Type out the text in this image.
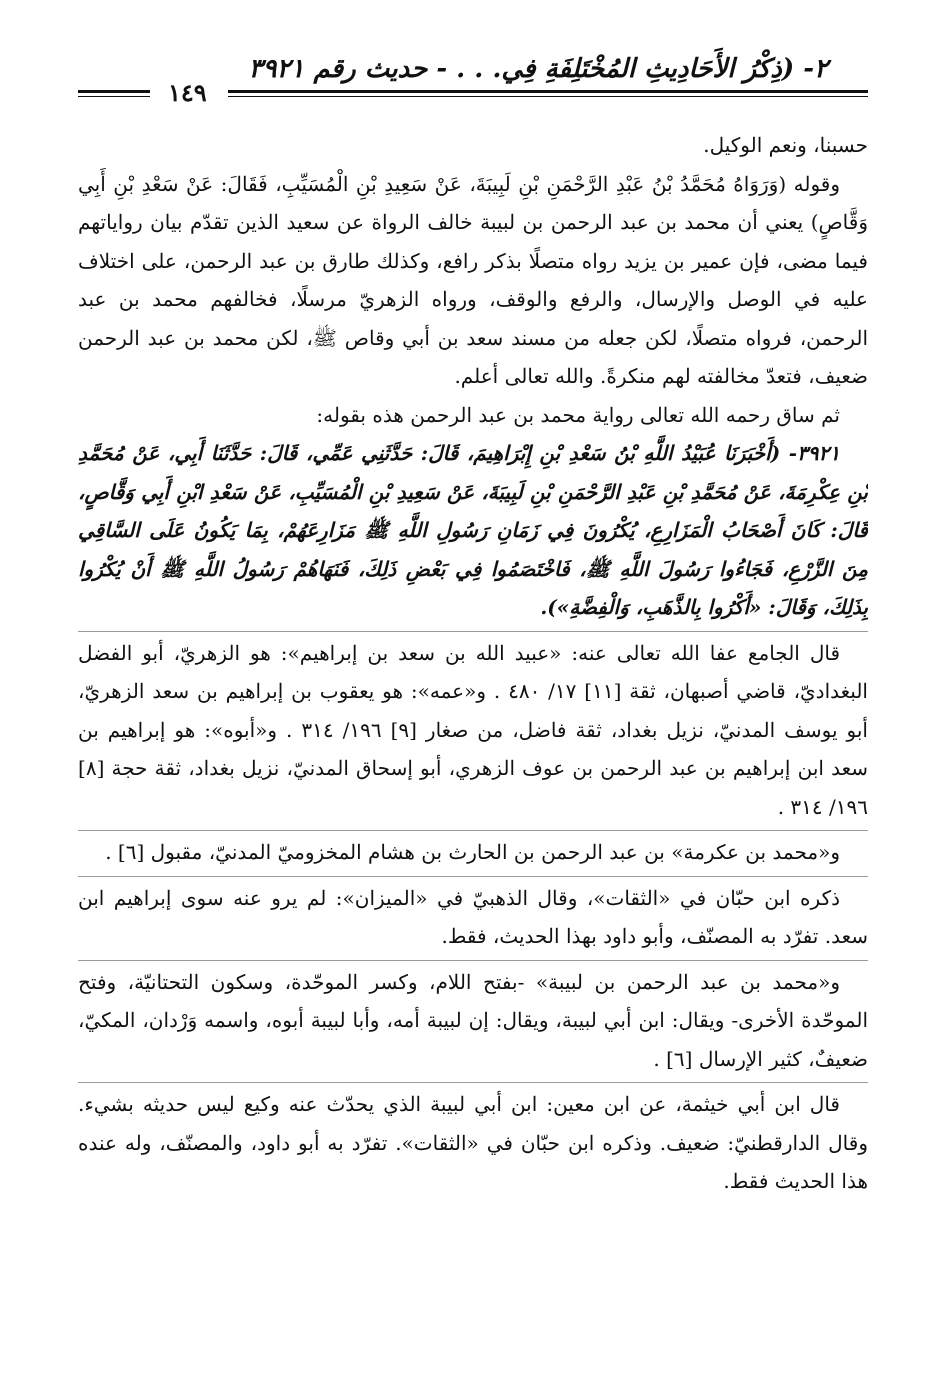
٢- (ذِكْرُ الأَحَادِيثِ المُخْتَلِفَةِ فِي. . . - حديث رقم ٣٩٢١
١٤٩

حسبنا، ونعم الوكيل.

وقوله (وَرَوَاهُ مُحَمَّدُ بْنُ عَبْدِ الرَّحْمَنِ بْنِ لَبِيبَةَ، عَنْ سَعِيدِ بْنِ الْمُسَيِّبِ، فَقَالَ: عَنْ سَعْدِ بْنِ أَبِي وَقَّاصٍ) يعني أن محمد بن عبد الرحمن بن لبيبة خالف الرواة عن سعيد الذين تقدّم بيان رواياتهم فيما مضى، فإن عمير بن يزيد رواه متصلًا بذكر رافع، وكذلك طارق بن عبد الرحمن، على اختلاف عليه في الوصل والإرسال، والرفع والوقف، ورواه الزهريّ مرسلًا، فخالفهم محمد بن عبد الرحمن، فرواه متصلًا، لكن جعله من مسند سعد بن أبي وقاص ﷺ، لكن محمد بن عبد الرحمن ضعيف، فتعدّ مخالفته لهم منكرةً. والله تعالى أعلم.

ثم ساق رحمه الله تعالى رواية محمد بن عبد الرحمن هذه بقوله:

٣٩٢١- (أَخْبَرَنَا عُبَيْدُ اللَّهِ بْنُ سَعْدِ بْنِ إِبْرَاهِيمَ، قَالَ: حَدَّثَنِي عَمِّي، قَالَ: حَدَّثَنَا أَبِي، عَنْ مُحَمَّدِ بْنِ عِكْرِمَةَ، عَنْ مُحَمَّدِ بْنِ عَبْدِ الرَّحْمَنِ بْنِ لَبِيبَةَ، عَنْ سَعِيدِ بْنِ الْمُسَيِّبِ، عَنْ سَعْدِ ابْنِ أَبِي وَقَّاصٍ، قَالَ: كَانَ أَصْحَابُ الْمَزَارِعِ، يُكْرُونَ فِي زَمَانِ رَسُولِ اللَّهِ ﷺ مَزَارِعَهُمْ، بِمَا يَكُونُ عَلَى السَّاقِي مِنَ الزَّرْعِ، فَجَاءُوا رَسُولَ اللَّهِ ﷺ، فَاخْتَصَمُوا فِي بَعْضِ ذَلِكَ، فَنَهَاهُمْ رَسُولُ اللَّهِ ﷺ أَنْ يُكْرُوا بِذَلِكَ، وَقَالَ: «أَكْرُوا بِالذَّهَبِ، وَالْفِضَّةِ»).

قال الجامع عفا الله تعالى عنه: «عبيد الله بن سعد بن إبراهيم»: هو الزهريّ، أبو الفضل البغداديّ، قاضي أصبهان، ثقة [١١] ١٧/ ٤٨٠ . و«عمه»: هو يعقوب بن إبراهيم بن سعد الزهريّ، أبو يوسف المدنيّ، نزيل بغداد، ثقة فاضل، من صغار [٩] ١٩٦/ ٣١٤ . و«أبوه»: هو إبراهيم بن سعد ابن إبراهيم بن عبد الرحمن بن عوف الزهري، أبو إسحاق المدنيّ، نزيل بغداد، ثقة حجة [٨] ١٩٦/ ٣١٤ .

و«محمد بن عكرمة» بن عبد الرحمن بن الحارث بن هشام المخزوميّ المدنيّ، مقبول [٦] .

ذكره ابن حبّان في «الثقات»، وقال الذهبيّ في «الميزان»: لم يرو عنه سوى إبراهيم ابن سعد. تفرّد به المصنّف، وأبو داود بهذا الحديث، فقط.

و«محمد بن عبد الرحمن بن لبيبة» -بفتح اللام، وكسر الموحّدة، وسكون التحتانيّة، وفتح الموحّدة الأخرى- ويقال: ابن أبي لبيبة، ويقال: إن لبيبة أمه، وأبا لبيبة أبوه، واسمه وَرْدان، المكيّ، ضعيفٌ، كثير الإرسال [٦] .

قال ابن أبي خيثمة، عن ابن معين: ابن أبي لبيبة الذي يحدّث عنه وكيع ليس حديثه بشيء. وقال الدارقطنيّ: ضعيف. وذكره ابن حبّان في «الثقات». تفرّد به أبو داود، والمصنّف، وله عنده هذا الحديث فقط.
